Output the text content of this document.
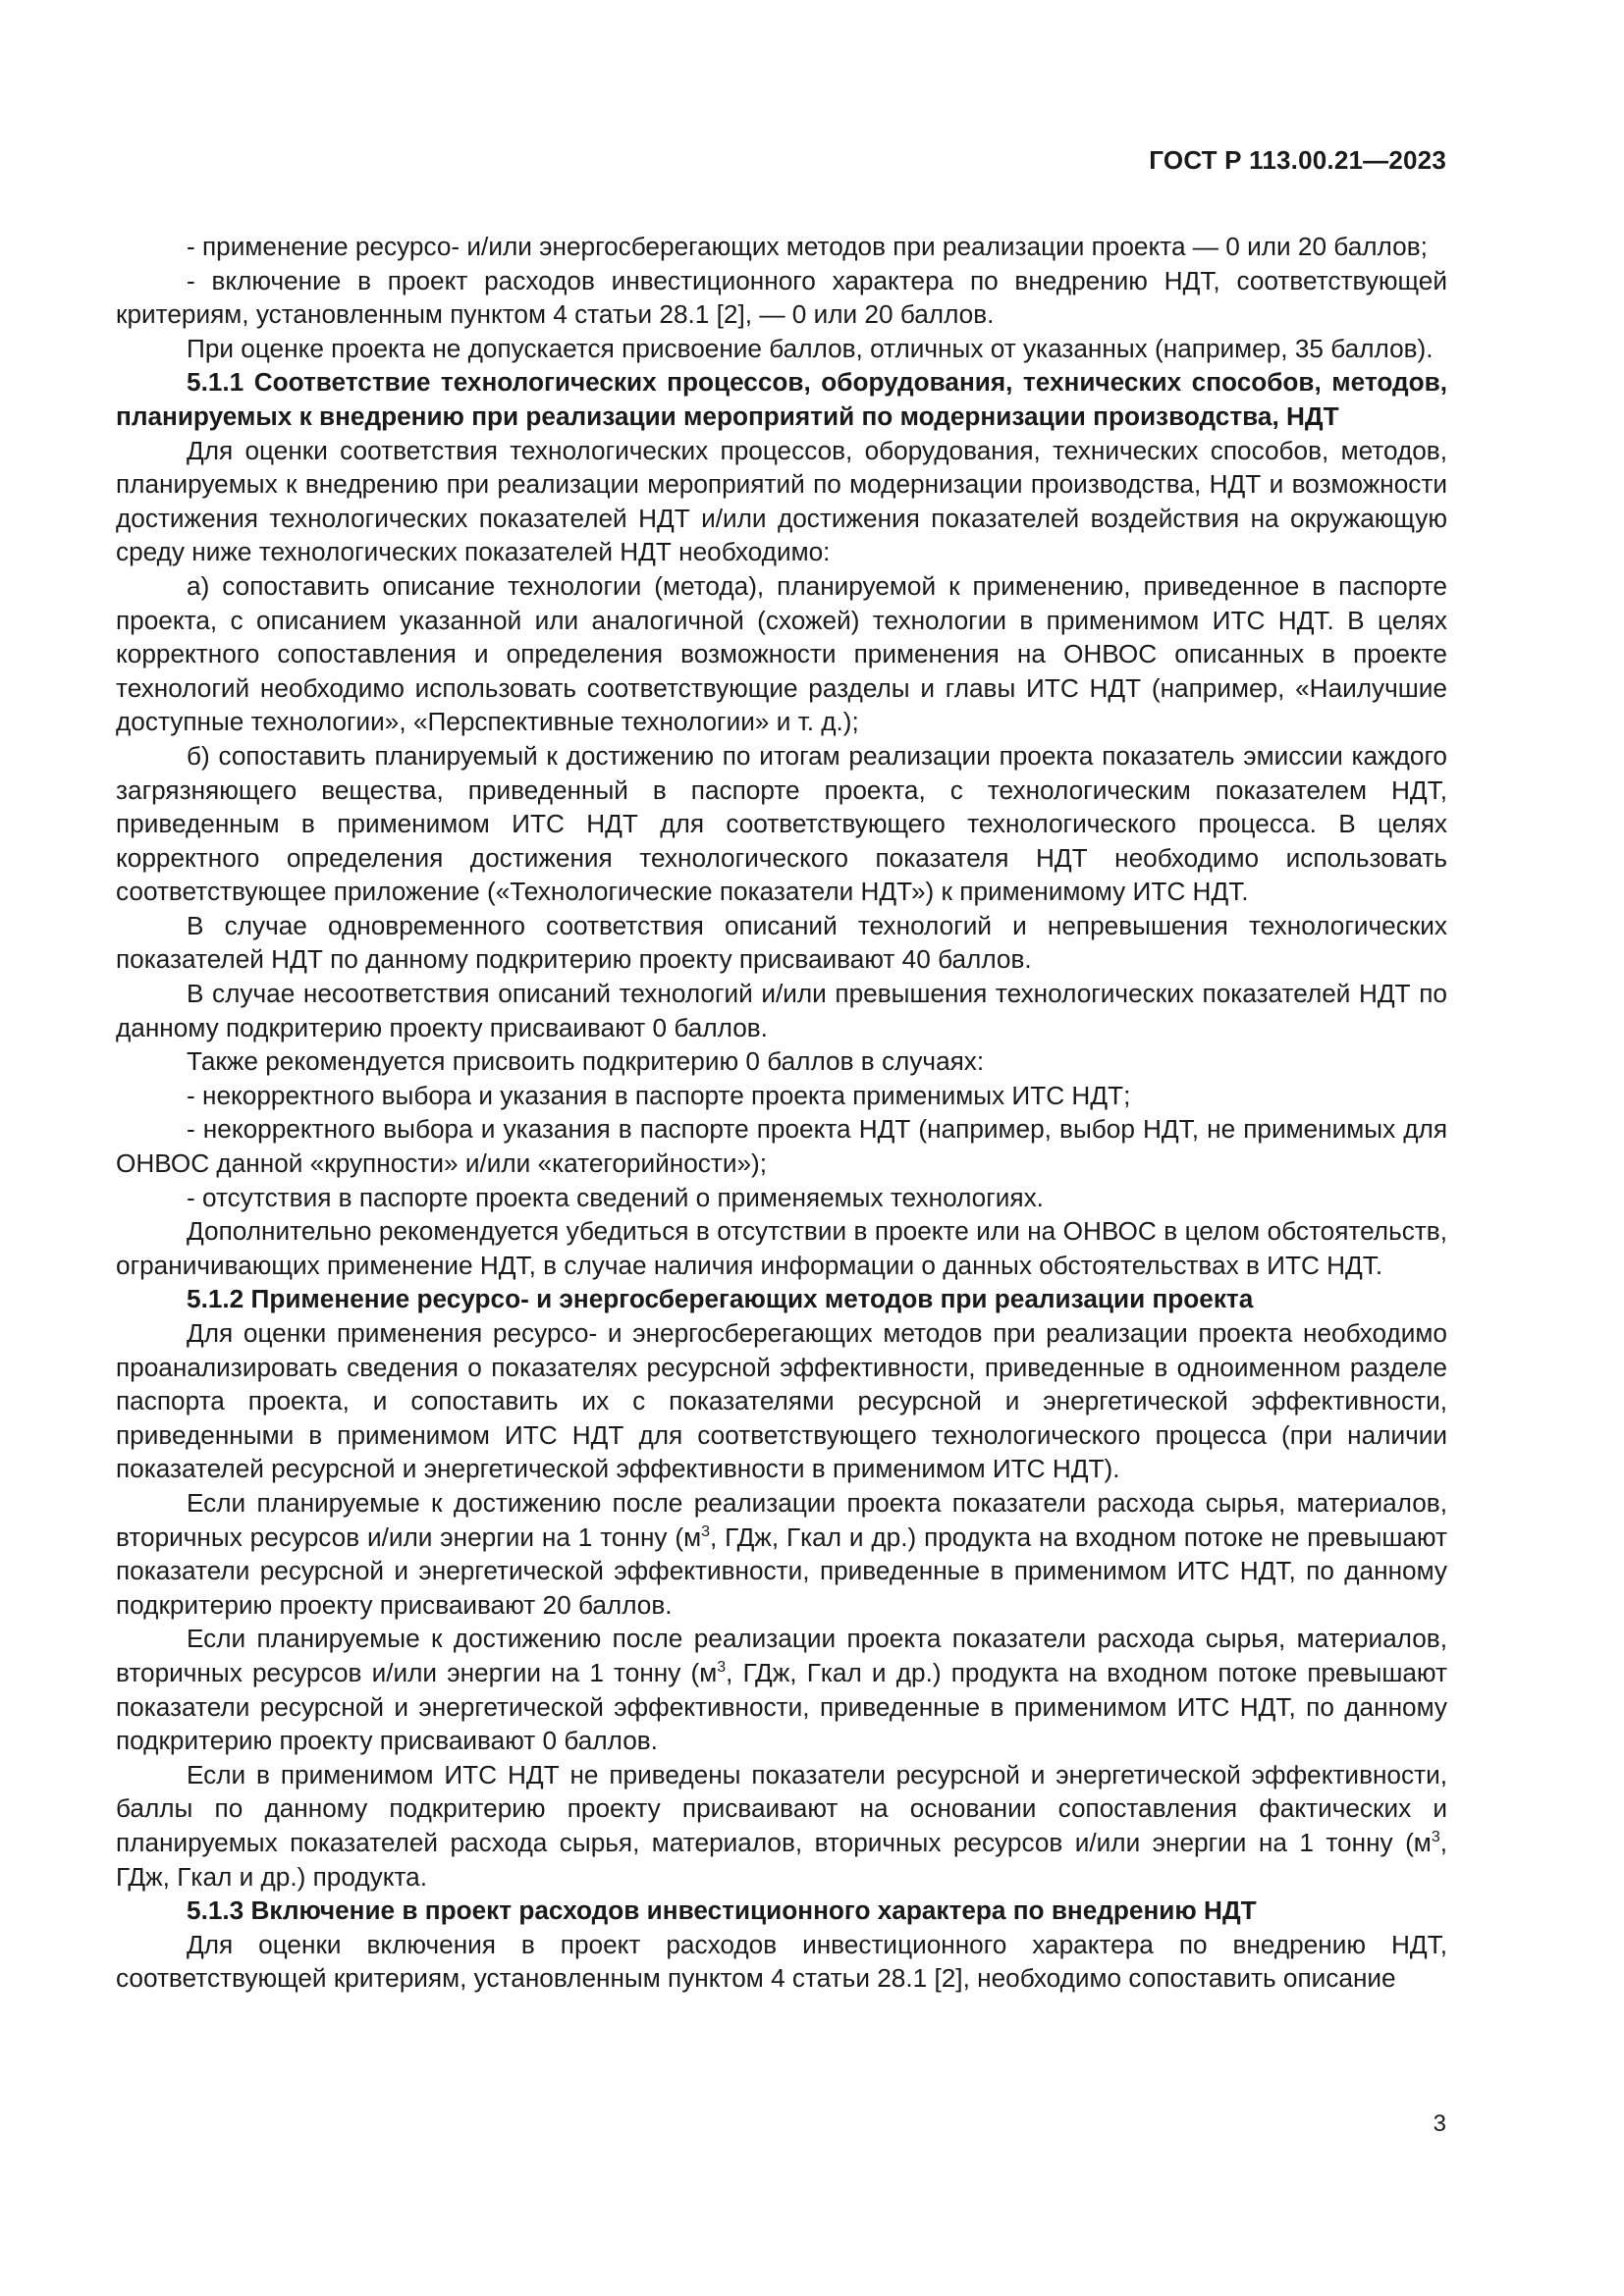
ГОСТ Р 113.00.21—2023

- применение ресурсо- и/или энергосберегающих методов при реализации проекта — 0 или 20 баллов;

- включение в проект расходов инвестиционного характера по внедрению НДТ, соответствующей критериям, установленным пунктом 4 статьи 28.1 [2], — 0 или 20 баллов.

При оценке проекта не допускается присвоение баллов, отличных от указанных (например, 35 баллов).

5.1.1 Соответствие технологических процессов, оборудования, технических способов, методов, планируемых к внедрению при реализации мероприятий по модернизации производства, НДТ

Для оценки соответствия технологических процессов, оборудования, технических способов, методов, планируемых к внедрению при реализации мероприятий по модернизации производства, НДТ и возможности достижения технологических показателей НДТ и/или достижения показателей воздействия на окружающую среду ниже технологических показателей НДТ необходимо:

а) сопоставить описание технологии (метода), планируемой к применению, приведенное в паспорте проекта, с описанием указанной или аналогичной (схожей) технологии в применимом ИТС НДТ. В целях корректного сопоставления и определения возможности применения на ОНВОС описанных в проекте технологий необходимо использовать соответствующие разделы и главы ИТС НДТ (например, «Наилучшие доступные технологии», «Перспективные технологии» и т. д.);

б) сопоставить планируемый к достижению по итогам реализации проекта показатель эмиссии каждого загрязняющего вещества, приведенный в паспорте проекта, с технологическим показателем НДТ, приведенным в применимом ИТС НДТ для соответствующего технологического процесса. В целях корректного определения достижения технологического показателя НДТ необходимо использовать соответствующее приложение («Технологические показатели НДТ») к применимому ИТС НДТ.

В случае одновременного соответствия описаний технологий и непревышения технологических показателей НДТ по данному подкритерию проекту присваивают 40 баллов.

В случае несоответствия описаний технологий и/или превышения технологических показателей НДТ по данному подкритерию проекту присваивают 0 баллов.

Также рекомендуется присвоить подкритерию 0 баллов в случаях:

- некорректного выбора и указания в паспорте проекта применимых ИТС НДТ;

- некорректного выбора и указания в паспорте проекта НДТ (например, выбор НДТ, не применимых для ОНВОС данной «крупности» и/или «категорийности»);

- отсутствия в паспорте проекта сведений о применяемых технологиях.

Дополнительно рекомендуется убедиться в отсутствии в проекте или на ОНВОС в целом обстоятельств, ограничивающих применение НДТ, в случае наличия информации о данных обстоятельствах в ИТС НДТ.

5.1.2 Применение ресурсо- и энергосберегающих методов при реализации проекта

Для оценки применения ресурсо- и энергосберегающих методов при реализации проекта необходимо проанализировать сведения о показателях ресурсной эффективности, приведенные в одноименном разделе паспорта проекта, и сопоставить их с показателями ресурсной и энергетической эффективности, приведенными в применимом ИТС НДТ для соответствующего технологического процесса (при наличии показателей ресурсной и энергетической эффективности в применимом ИТС НДТ).

Если планируемые к достижению после реализации проекта показатели расхода сырья, материалов, вторичных ресурсов и/или энергии на 1 тонну ($м^3$, ГДж, Гкал и др.) продукта на входном потоке не превышают показатели ресурсной и энергетической эффективности, приведенные в применимом ИТС НДТ, по данному подкритерию проекту присваивают 20 баллов.

Если планируемые к достижению после реализации проекта показатели расхода сырья, материалов, вторичных ресурсов и/или энергии на 1 тонну ($м^3$, ГДж, Гкал и др.) продукта на входном потоке превышают показатели ресурсной и энергетической эффективности, приведенные в применимом ИТС НДТ, по данному подкритерию проекту присваивают 0 баллов.

Если в применимом ИТС НДТ не приведены показатели ресурсной и энергетической эффективности, баллы по данному подкритерию проекту присваивают на основании сопоставления фактических и планируемых показателей расхода сырья, материалов, вторичных ресурсов и/или энергии на 1 тонну ($м^3$, ГДж, Гкал и др.) продукта.

5.1.3 Включение в проект расходов инвестиционного характера по внедрению НДТ

Для оценки включения в проект расходов инвестиционного характера по внедрению НДТ, соответствующей критериям, установленным пунктом 4 статьи 28.1 [2], необходимо сопоставить описание

3
